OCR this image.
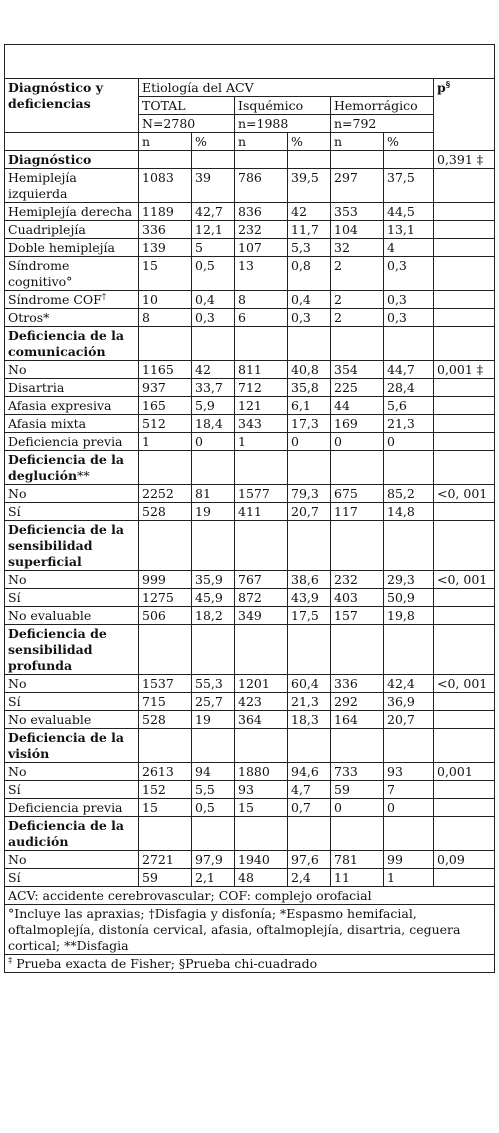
Diagnóstico y deficiencias	Etiología del ACV						p§
	TOTAL		Isquémico		Hemorrágico		
	N=2780		n=1988		n=792		
	n	%	n	%	n	%	
Diagnóstico							0,391 ‡
Hemiplejía izquierda	1083	39	786	39,5	297	37,5	
Hemiplejía derecha	1189	42,7	836	42	353	44,5	
Cuadriplejía	336	12,1	232	11,7	104	13,1	
Doble hemiplejía	139	5	107	5,3	32	4	
Síndrome cognitivo°	15	0,5	13	0,8	2	0,3	
Síndrome COF†	10	0,4	8	0,4	2	0,3	
Otros*	8	0,3	6	0,3	2	0,3	
Deficiencia de la comunicación							
No	1165	42	811	40,8	354	44,7	0,001 ‡
Disartria	937	33,7	712	35,8	225	28,4	
Afasia expresiva	165	5,9	121	6,1	44	5,6	
Afasia mixta	512	18,4	343	17,3	169	21,3	
Deficiencia previa	1	0	1	0	0	0	
Deficiencia de la deglución**							
No	2252	81	1577	79,3	675	85,2	<0, 001
Sí	528	19	411	20,7	117	14,8	
Deficiencia de la sensibilidad superficial							
No	999	35,9	767	38,6	232	29,3	<0, 001
Sí	1275	45,9	872	43,9	403	50,9	
No evaluable	506	18,2	349	17,5	157	19,8	
Deficiencia de sensibilidad profunda							
No	1537	55,3	1201	60,4	336	42,4	<0, 001
Sí	715	25,7	423	21,3	292	36,9	
No evaluable	528	19	364	18,3	164	20,7	
Deficiencia de la visión							
No	2613	94	1880	94,6	733	93	0,001
Sí	152	5,5	93	4,7	59	7	
Deficiencia previa	15	0,5	15	0,7	0	0	
Deficiencia de la audición							
No	2721	97,9	1940	97,6	781	99	0,09
Sí	59	2,1	48	2,4	11	1	
ACV: accidente cerebrovascular; COF: complejo orofacial							
°Incluye las apraxias; †Disfagia y disfonía; *Espasmo hemifacial, oftalmoplejía, distonía cervical, afasia, oftalmoplejía, disartria, ceguera cortical; **Disfagia							
‡ Prueba exacta de Fisher; §Prueba chi-cuadrado							
